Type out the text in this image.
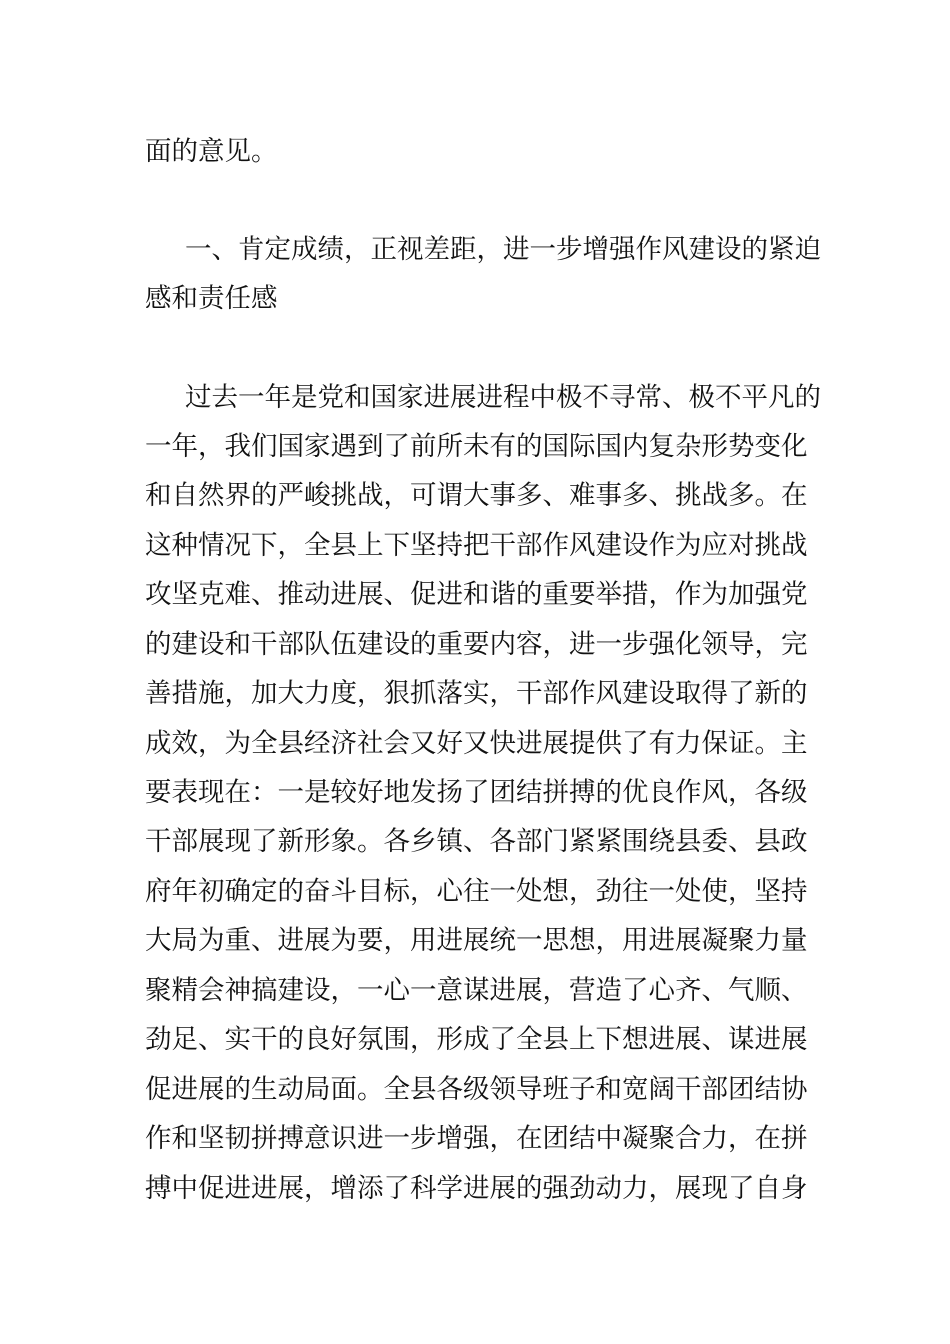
面的意见。
一、肯定成绩，正视差距，进一步增强作风建设的紧迫
感和责任感
过去一年是党和国家进展进程中极不寻常、极不平凡的
一年，我们国家遇到了前所未有的国际国内复杂形势变化
和自然界的严峻挑战，可谓大事多、难事多、挑战多。在
这种情况下，全县上下坚持把干部作风建设作为应对挑战
攻坚克难、推动进展、促进和谐的重要举措，作为加强党
的建设和干部队伍建设的重要内容，进一步强化领导，完
善措施，加大力度，狠抓落实，干部作风建设取得了新的
成效，为全县经济社会又好又快进展提供了有力保证。主
要表现在：一是较好地发扬了团结拼搏的优良作风，各级
干部展现了新形象。各乡镇、各部门紧紧围绕县委、县政
府年初确定的奋斗目标，心往一处想，劲往一处使，坚持
大局为重、进展为要，用进展统一思想，用进展凝聚力量
聚精会神搞建设，一心一意谋进展，营造了心齐、气顺、
劲足、实干的良好氛围，形成了全县上下想进展、谋进展
促进展的生动局面。全县各级领导班子和宽阔干部团结协
作和坚韧拼搏意识进一步增强，在团结中凝聚合力，在拼
搏中促进进展，增添了科学进展的强劲动力，展现了自身
